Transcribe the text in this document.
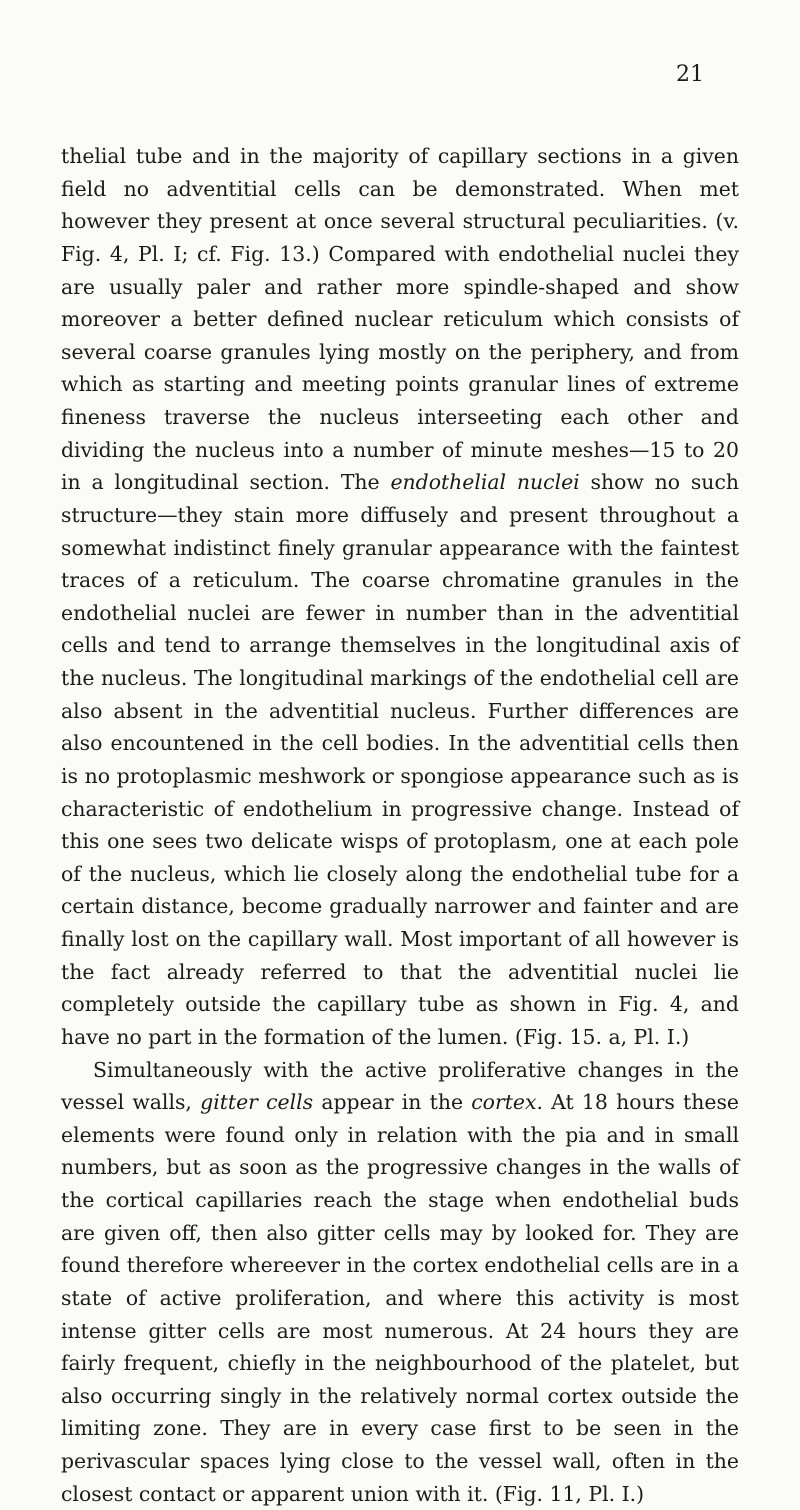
21

thelial tube and in the majority of capillary sections in a given field no adventitial cells can be demonstrated. When met however they present at once several structural peculiarities. (v. Fig. 4, Pl. I; cf. Fig. 13.) Compared with endothelial nuclei they are usually paler and rather more spindle-shaped and show moreover a better defined nuclear reticulum which consists of several coarse granules lying mostly on the periphery, and from which as starting and meeting points granular lines of extreme fineness traverse the nucleus interseeting each other and dividing the nucleus into a number of minute meshes—15 to 20 in a longitudinal section. The endothelial nuclei show no such structure—they stain more diffusely and present throughout a somewhat indistinct finely granular appearance with the faintest traces of a reticulum. The coarse chromatine granules in the endothelial nuclei are fewer in number than in the adventitial cells and tend to arrange themselves in the longitudinal axis of the nucleus. The longitudinal markings of the endothelial cell are also absent in the adventitial nucleus. Further differences are also encountened in the cell bodies. In the adventitial cells then is no protoplasmic meshwork or spongiose appearance such as is characteristic of endothelium in progressive change. Instead of this one sees two delicate wisps of protoplasm, one at each pole of the nucleus, which lie closely along the endothelial tube for a certain distance, become gradually narrower and fainter and are finally lost on the capillary wall. Most important of all however is the fact already referred to that the adventitial nuclei lie completely outside the capillary tube as shown in Fig. 4, and have no part in the formation of the lumen. (Fig. 15. a, Pl. I.)

Simultaneously with the active proliferative changes in the vessel walls, gitter cells appear in the cortex. At 18 hours these elements were found only in relation with the pia and in small numbers, but as soon as the progressive changes in the walls of the cortical capillaries reach the stage when endothelial buds are given off, then also gitter cells may by looked for. They are found therefore whereever in the cortex endothelial cells are in a state of active proliferation, and where this activity is most intense gitter cells are most numerous. At 24 hours they are fairly frequent, chiefly in the neighbourhood of the platelet, but also occurring singly in the relatively normal cortex outside the limiting zone. They are in every case first to be seen in the perivascular spaces lying close to the vessel wall, often in the closest contact or apparent union with it. (Fig. 11, Pl. I.)
